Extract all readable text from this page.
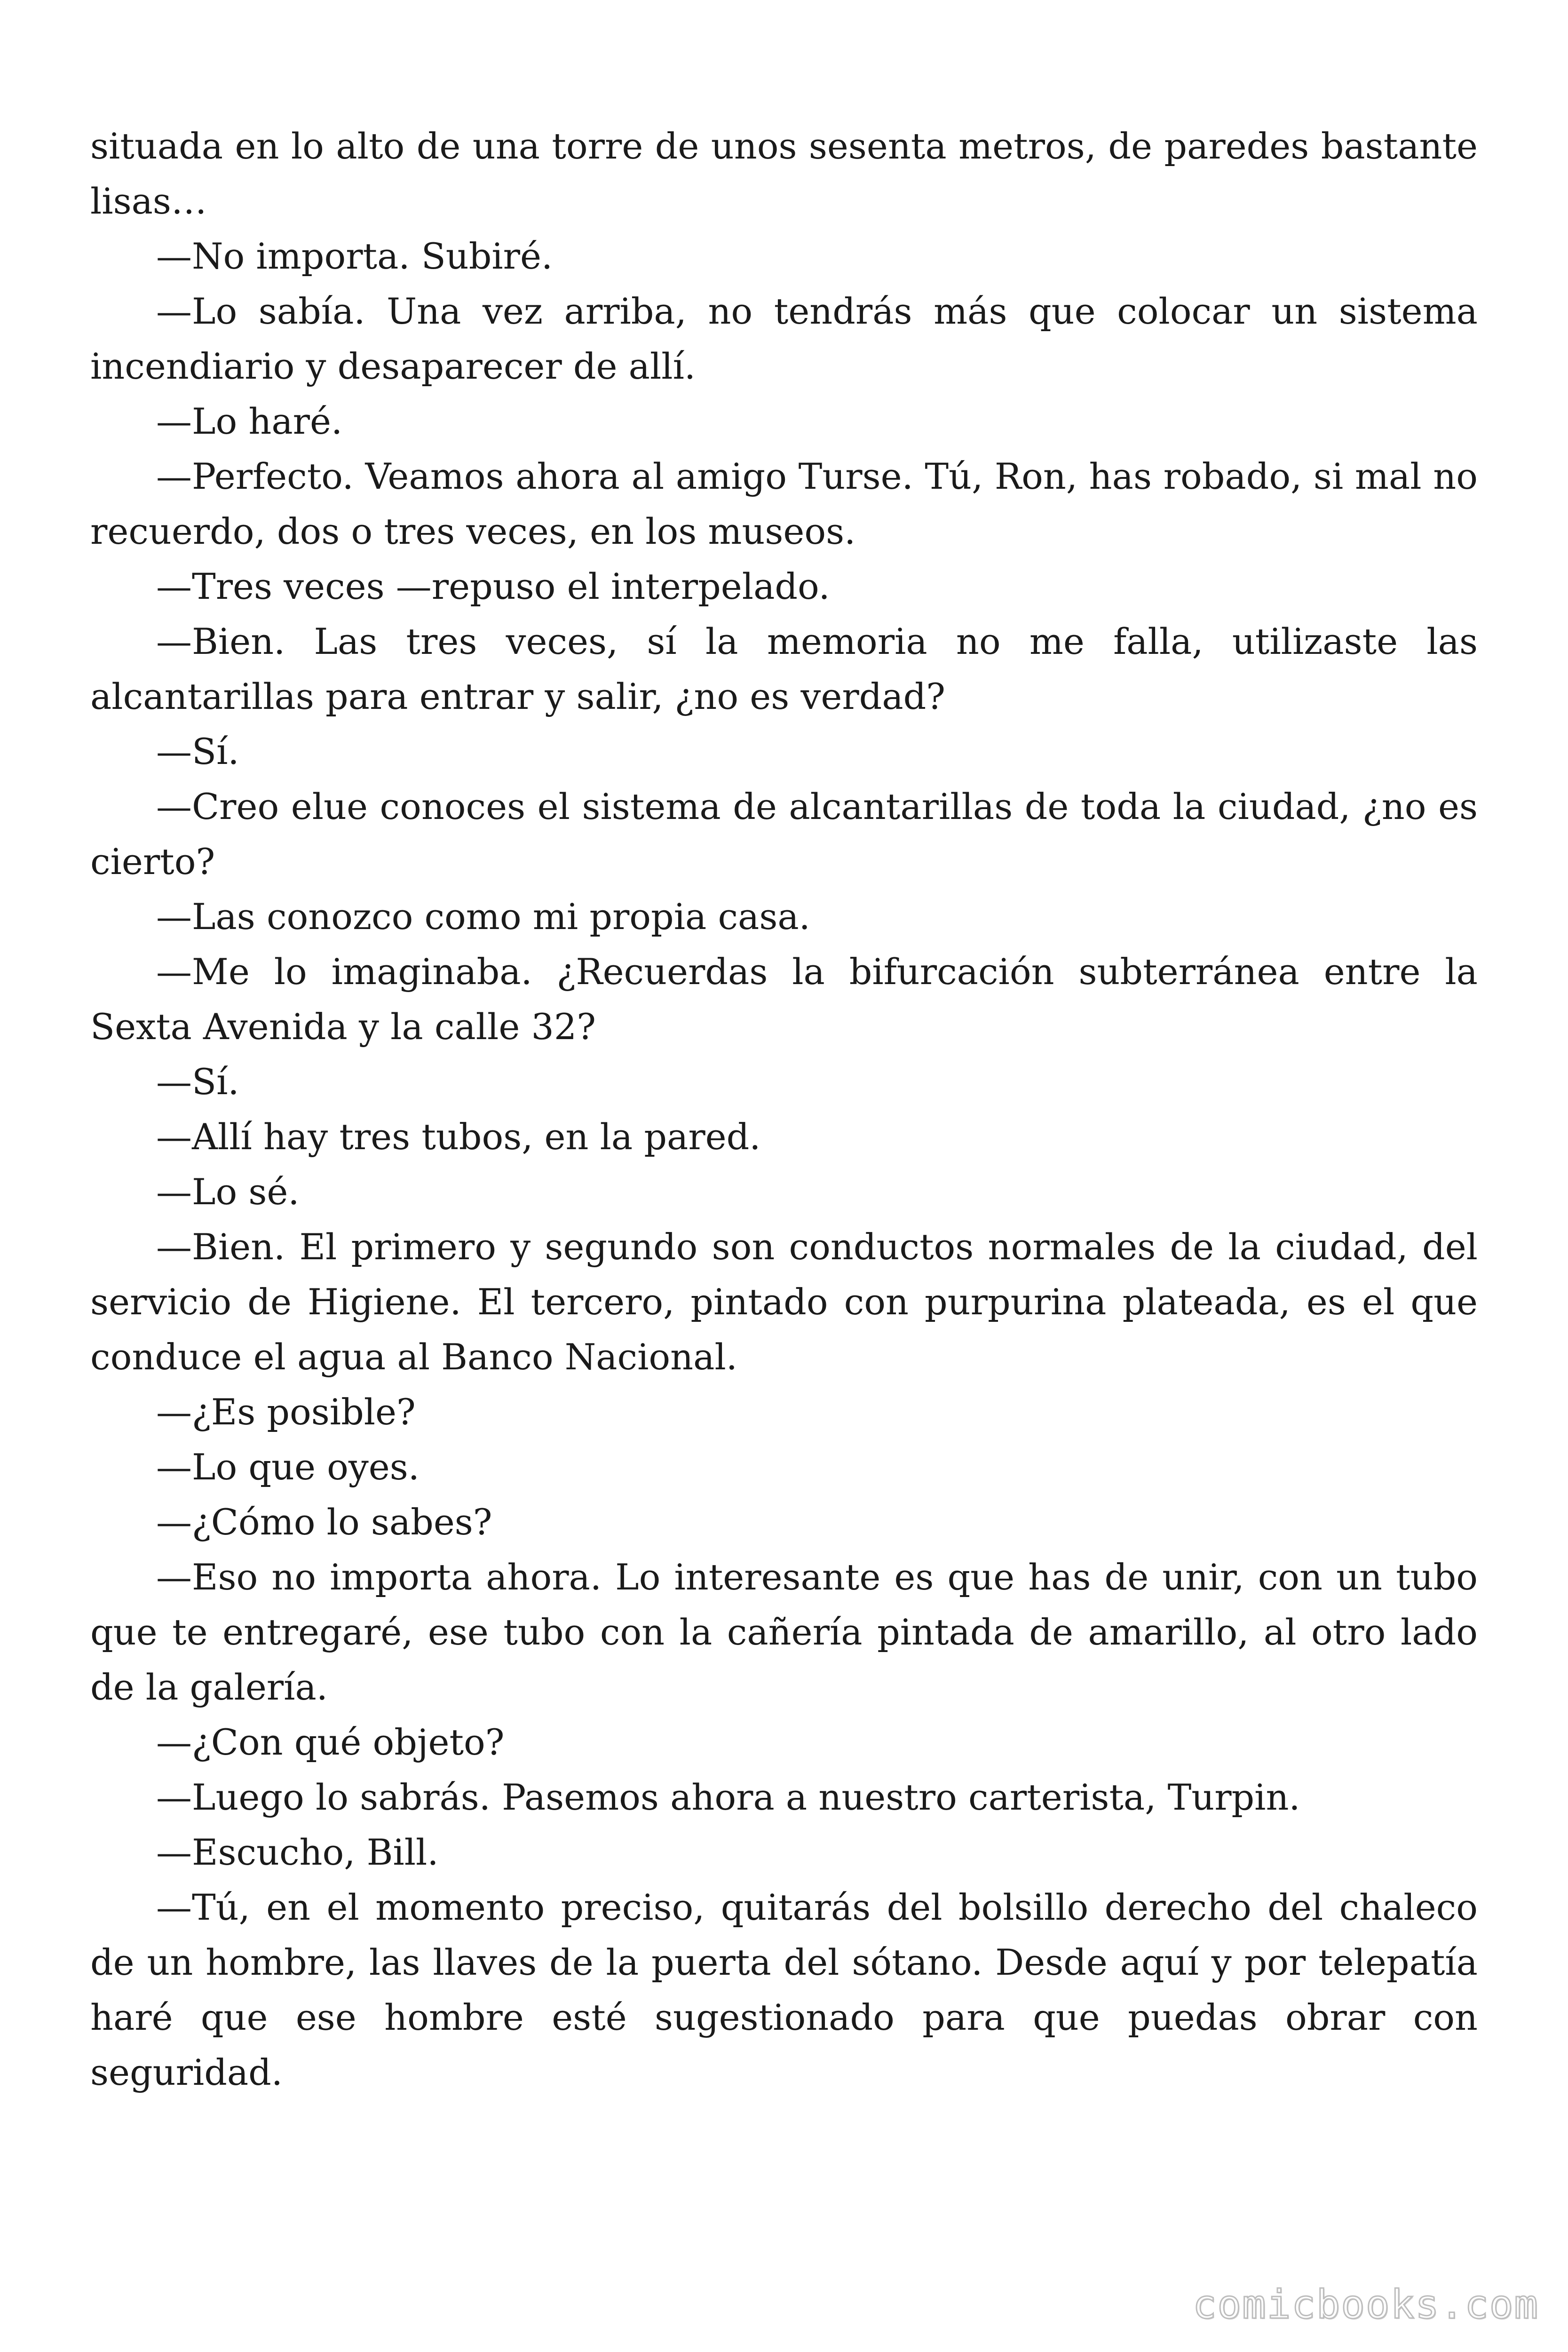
situada en lo alto de una torre de unos sesenta metros, de paredes bastante lisas…

—No importa. Subiré.

—Lo sabía. Una vez arriba, no tendrás más que colocar un sistema incendiario y desaparecer de allí.

—Lo haré.

—Perfecto. Veamos ahora al amigo Turse. Tú, Ron, has robado, si mal no recuerdo, dos o tres veces, en los museos.

—Tres veces —repuso el interpelado.

—Bien. Las tres veces, sí la memoria no me falla, utilizaste las alcantarillas para entrar y salir, ¿no es verdad?

—Sí.

—Creo elue conoces el sistema de alcantarillas de toda la ciudad, ¿no es cierto?

—Las conozco como mi propia casa.

—Me lo imaginaba. ¿Recuerdas la bifurcación subterránea entre la Sexta Avenida y la calle 32?

—Sí.

—Allí hay tres tubos, en la pared.

—Lo sé.

—Bien. El primero y segundo son conductos normales de la ciudad, del servicio de Higiene. El tercero, pintado con purpurina plateada, es el que conduce el agua al Banco Nacional.

—¿Es posible?

—Lo que oyes.

—¿Cómo lo sabes?

—Eso no importa ahora. Lo interesante es que has de unir, con un tubo que te entregaré, ese tubo con la cañería pintada de amarillo, al otro lado de la galería.

—¿Con qué objeto?

—Luego lo sabrás. Pasemos ahora a nuestro carterista, Turpin.

—Escucho, Bill.

—Tú, en el momento preciso, quitarás del bolsillo derecho del chaleco de un hombre, las llaves de la puerta del sótano. Desde aquí y por telepatía haré que ese hombre esté sugestionado para que puedas obrar con seguridad.

comicbooks.com
